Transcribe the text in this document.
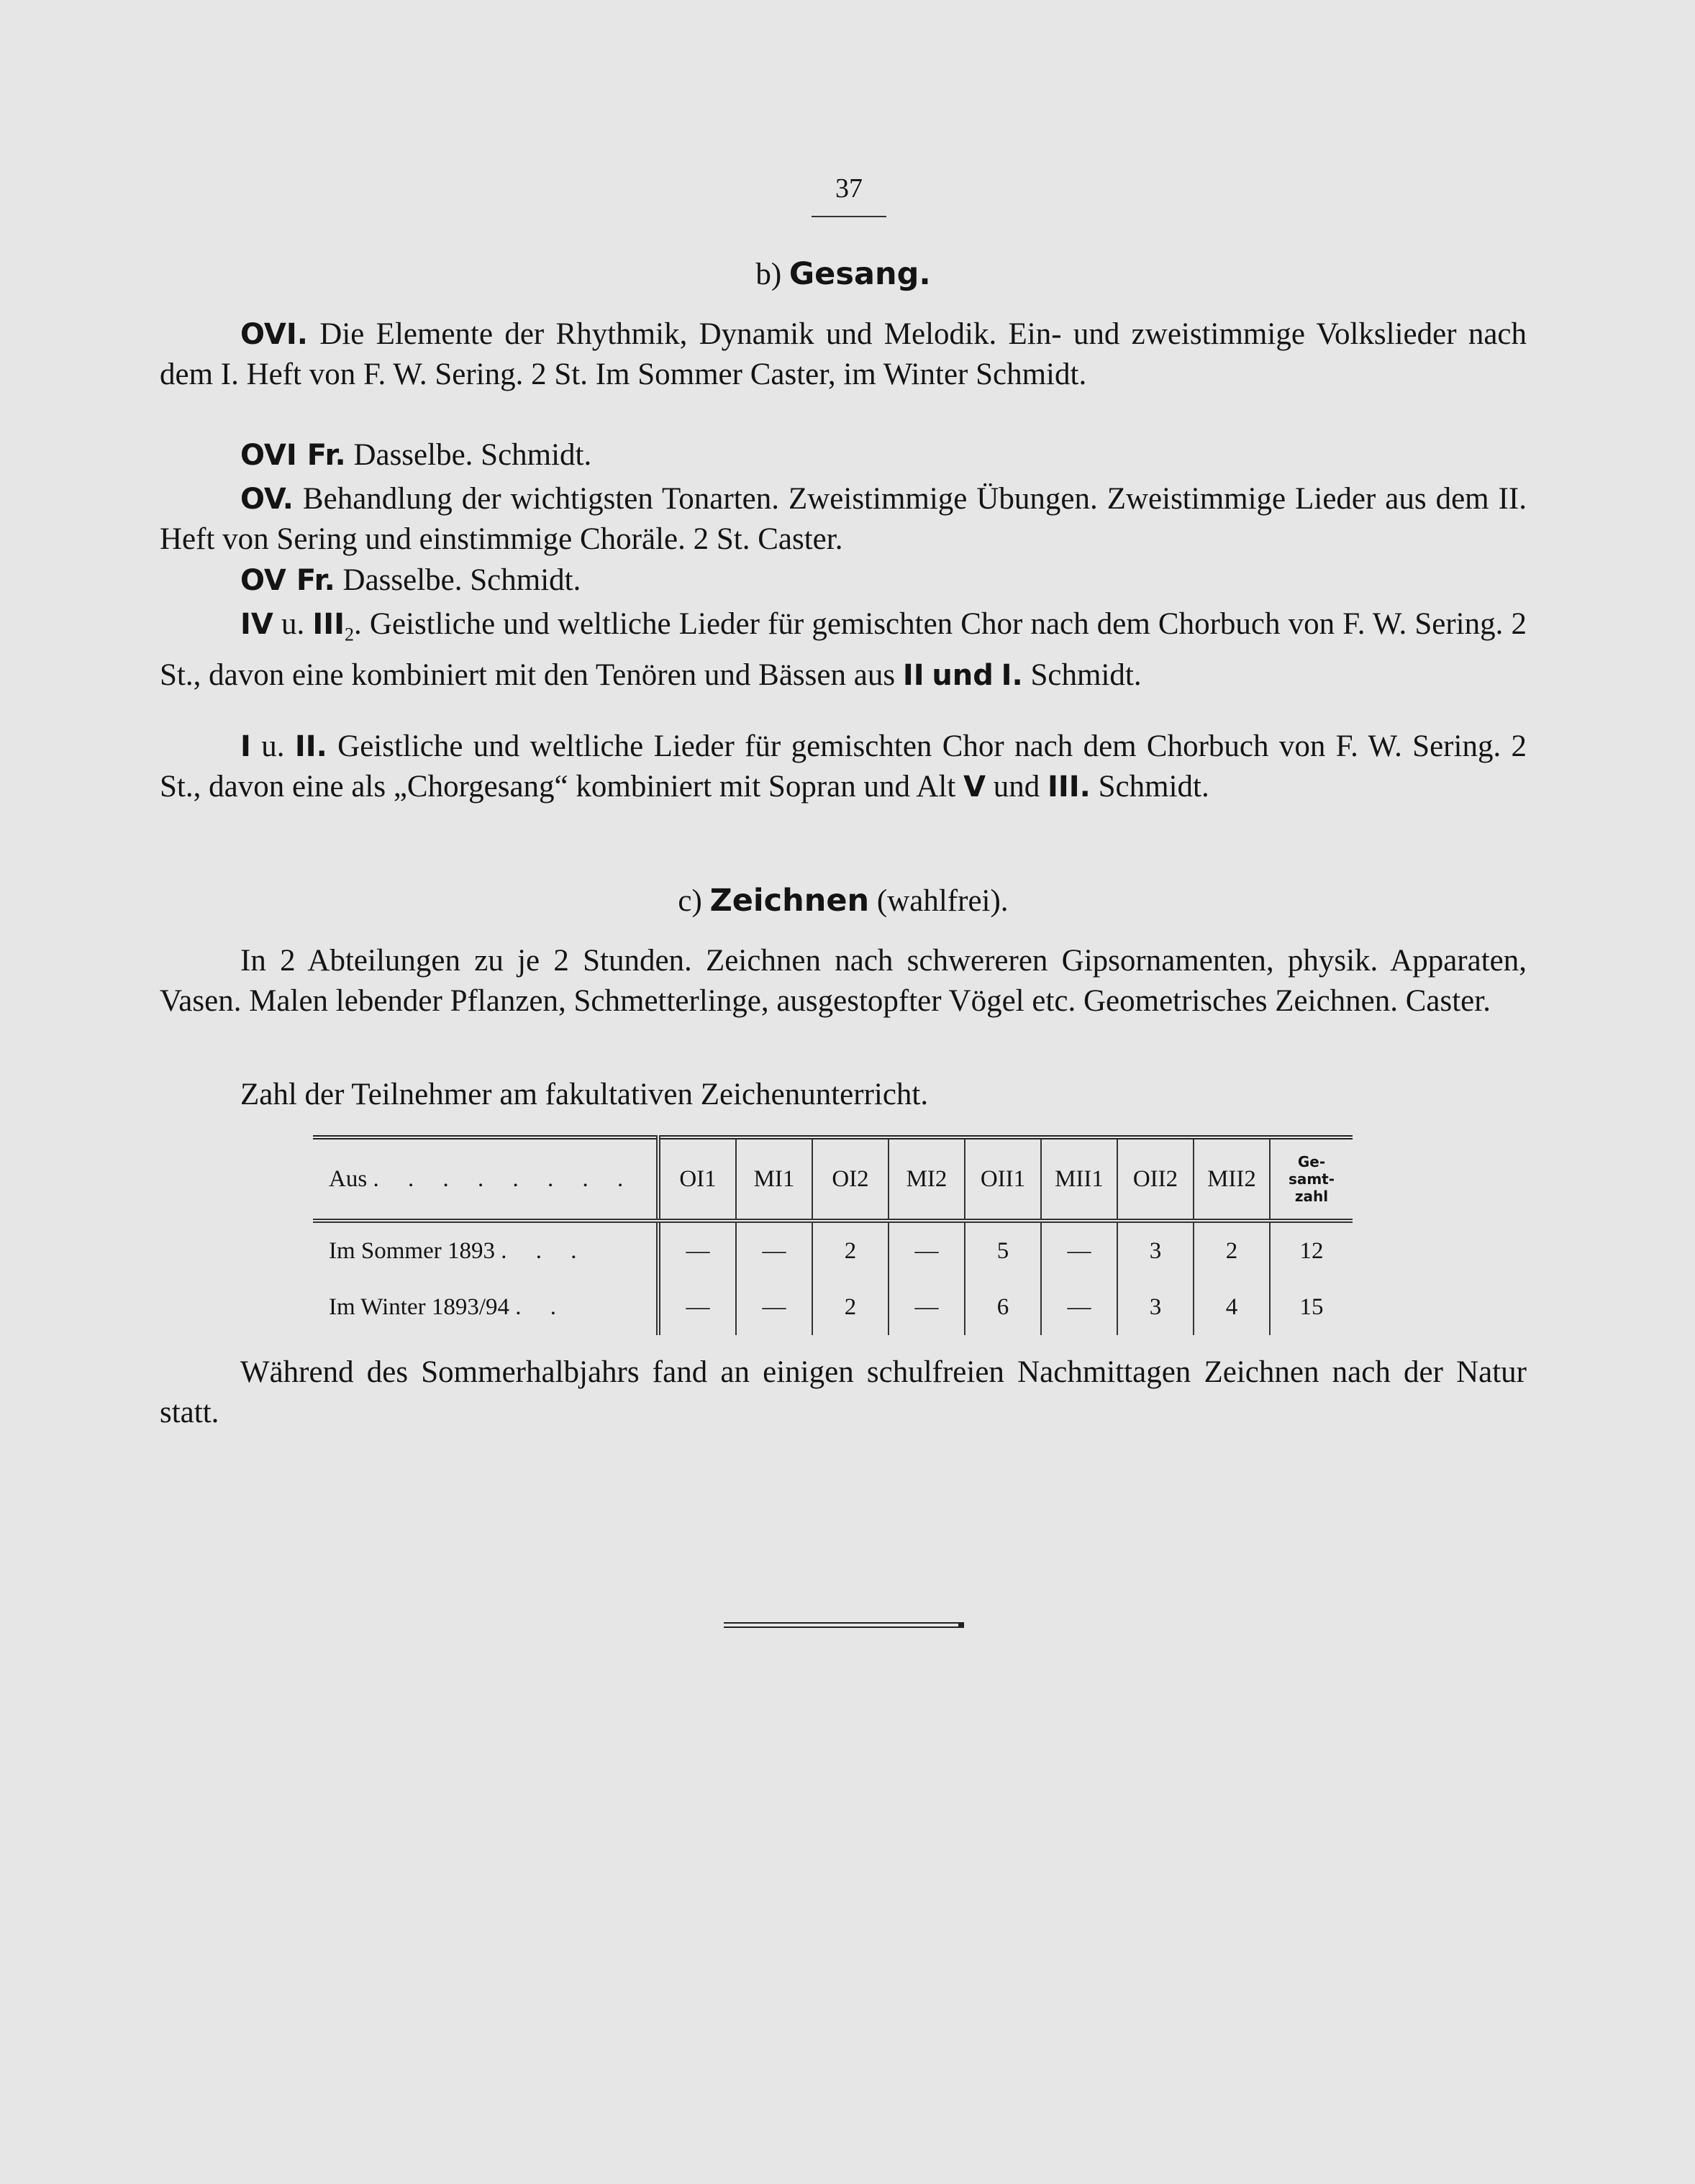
37
b) Gesang.
OVI. Die Elemente der Rhythmik, Dynamik und Melodik. Ein- und zweistimmige Volkslieder nach dem I. Heft von F. W. Sering. 2 St. Im Sommer Caster, im Winter Schmidt.
OVI Fr. Dasselbe. Schmidt.
OV. Behandlung der wichtigsten Tonarten. Zweistimmige Übungen. Zweistimmige Lieder aus dem II. Heft von Sering und einstimmige Choräle. 2 St. Caster.
OV Fr. Dasselbe. Schmidt.
IV u. $III_2$. Geistliche und weltliche Lieder für gemischten Chor nach dem Chorbuch von F. W. Sering. 2 St., davon eine kombiniert mit den Tenören und Bässen aus II und I. Schmidt.
I u. II. Geistliche und weltliche Lieder für gemischten Chor nach dem Chorbuch von F. W. Sering. 2 St., davon eine als „Chorgesang“ kombiniert mit Sopran und Alt V und III. Schmidt.
c) Zeichnen (wahlfrei).
In 2 Abteilungen zu je 2 Stunden. Zeichnen nach schwereren Gipsornamenten, physik. Apparaten, Vasen. Malen lebender Pflanzen, Schmetterlinge, ausgestopfter Vögel etc. Geometrisches Zeichnen. Caster.
Zahl der Teilnehmer am fakultativen Zeichenunterricht.
Aus . . . . . . . .	OI1	MI1	OI2	MI2	OII1	MII1	OII2	MII2	Ge-
samt-
zahl
Im Sommer 1893 . . .	—	—	2	—	5	—	3	2	12
Im Winter 1893/94 . .	—	—	2	—	6	—	3	4	15
Während des Sommerhalbjahrs fand an einigen schulfreien Nachmittagen Zeichnen nach der Natur statt.
